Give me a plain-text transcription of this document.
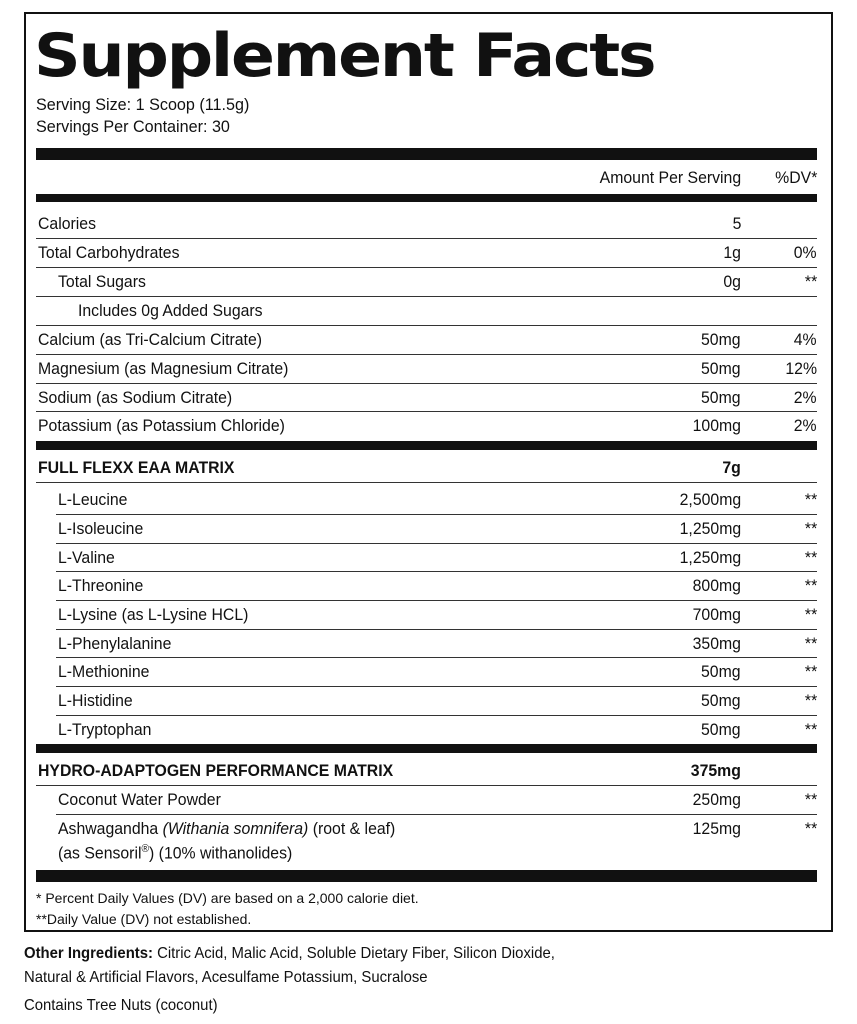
Supplement Facts
Serving Size: 1 Scoop (11.5g)
Servings Per Container: 30
Amount Per Serving %DV*
Calories	5
Total Carbohydrates	1g	0%
Total Sugars	0g	**
Includes 0g Added Sugars
Calcium (as Tri-Calcium Citrate)	50mg	4%
Magnesium (as Magnesium Citrate)	50mg	12%
Sodium (as Sodium Citrate)	50mg	2%
Potassium (as Potassium Chloride)	100mg	2%
FULL FLEXX EAA MATRIX	7g
L-Leucine	2,500mg	**
L-Isoleucine	1,250mg	**
L-Valine	1,250mg	**
L-Threonine	800mg	**
L-Lysine (as L-Lysine HCL)	700mg	**
L-Phenylalanine	350mg	**
L-Methionine	50mg	**
L-Histidine	50mg	**
L-Tryptophan	50mg	**
HYDRO-ADAPTOGEN PERFORMANCE MATRIX	375mg
Coconut Water Powder	250mg	**
Ashwagandha (Withania somnifera) (root & leaf)
(as Sensoril®) (10% withanolides)
125mg	**
* Percent Daily Values (DV) are based on a 2,000 calorie diet.
**Daily Value (DV) not established.
Other Ingredients: Citric Acid, Malic Acid, Soluble Dietary Fiber, Silicon Dioxide,
Natural & Artificial Flavors, Acesulfame Potassium, Sucralose
Contains Tree Nuts (coconut)
